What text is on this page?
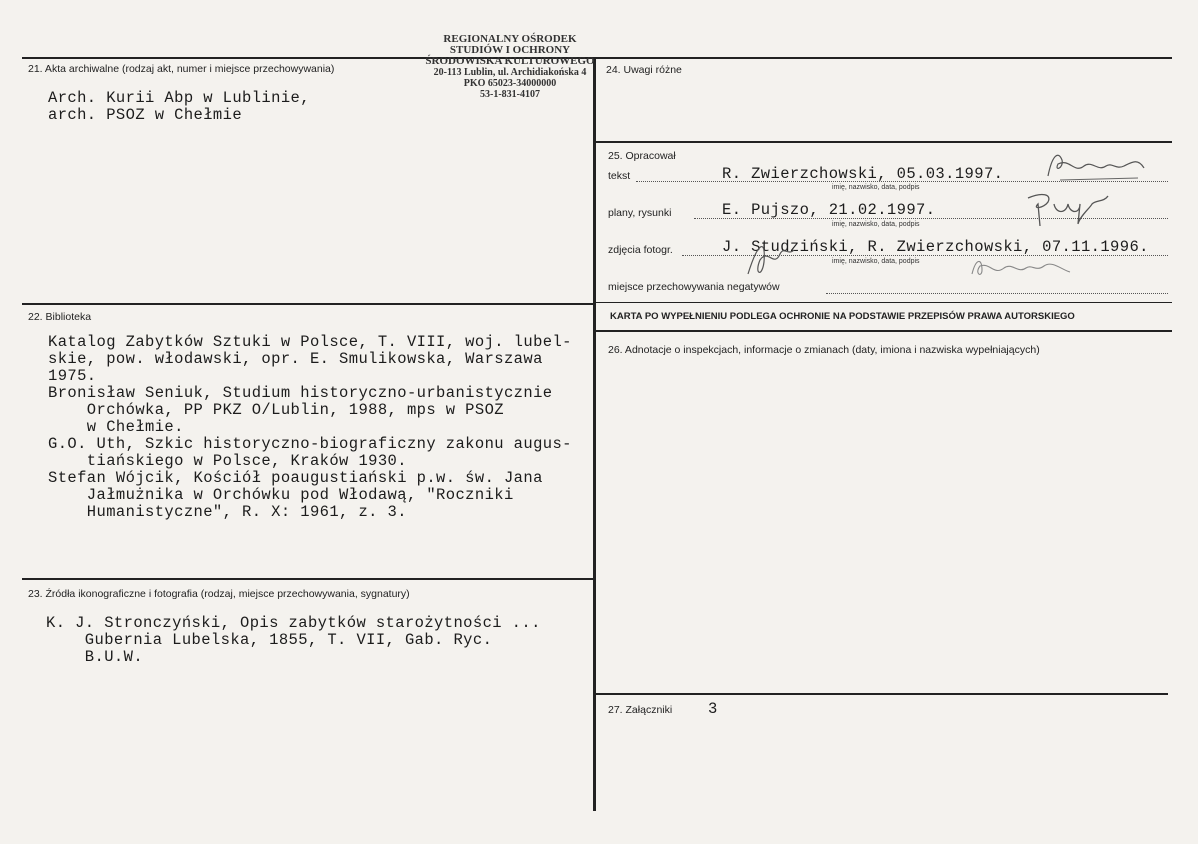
REGIONALNY OŚRODEK
STUDIÓW I OCHRONY
ŚRODOWISKA KULTUROWEGO
20-113 Lublin, ul. Archidiakońska 4
PKO 65023-34000000
53-1-831-4107
21. Akta archiwalne (rodzaj akt, numer i miejsce przechowywania)
Arch. Kurii Abp w Lublinie,
arch. PSOZ w Chełmie
22. Biblioteka
Katalog Zabytków Sztuki w Polsce, T. VIII, woj. lubel-
skie, pow. włodawski, opr. E. Smulikowska, Warszawa
1975.
Bronisław Seniuk, Studium historyczno-urbanistycznie
Orchówka, PP PKZ O/Lublin, 1988, mps w PSOZ
w Chełmie.
G.O. Uth, Szkic historyczno-biograficzny zakonu augus-
tiańskiego w Polsce, Kraków 1930.
Stefan Wójcik, Kościół poaugustiański p.w. św. Jana
Jałmużnika w Orchówku pod Włodawą, "Roczniki
Humanistyczne", R. X: 1961, z. 3.
23. Źródła ikonograficzne i fotografia (rodzaj, miejsce przechowywania, sygnatury)
K. J. Stronczyński, Opis zabytków starożytności ...
Gubernia Lubelska, 1855, T. VII, Gab. Ryc.
B.U.W.
24. Uwagi różne
25. Opracował
tekst	R. Zwierzchowski, 05.03.1997.
imię, nazwisko, data, podpis
plany, rysunki	E. Pujszo, 21.02.1997.
imię, nazwisko, data, podpis
zdjęcia fotogr.	J. Studziński, R. Zwierzchowski, 07.11.1996.
imię, nazwisko, data, podpis
miejsce przechowywania negatywów
KARTA PO WYPEŁNIENIU PODLEGA OCHRONIE NA PODSTAWIE PRZEPISÓW PRAWA AUTORSKIEGO
26. Adnotacje o inspekcjach, informacje o zmianach (daty, imiona i nazwiska wypełniających)
27. Załączniki 3
